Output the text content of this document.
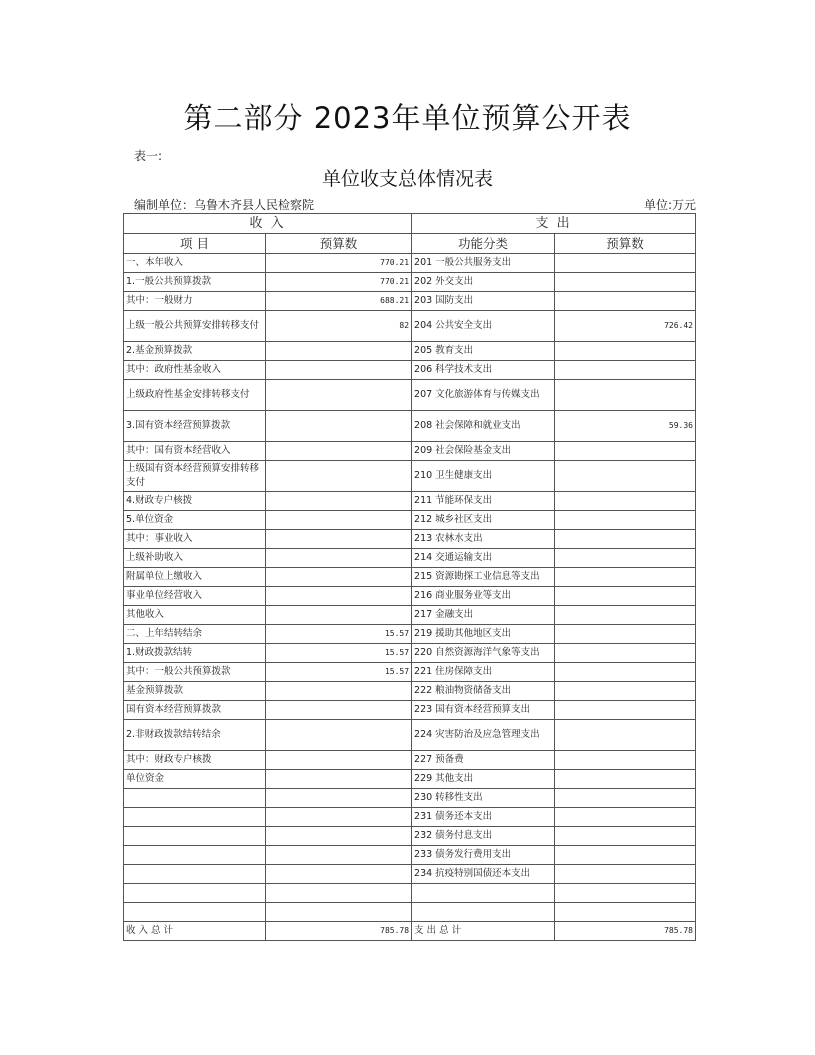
第二部分 2023年单位预算公开表
表一:
单位收支总体情况表
编制单位：乌鲁木齐县人民检察院	单位:万元
收 入		支 出	
项 目	预算数	功能分类	预算数
一、本年收入	770.21	201 一般公共服务支出	
1.一般公共预算拨款	770.21	202 外交支出	
其中：一般财力	688.21	203 国防支出	
上级一般公共预算安排转移支付	82	204 公共安全支出	726.42
2.基金预算拨款		205 教育支出	
其中：政府性基金收入		206 科学技术支出	
上级政府性基金安排转移支付		207 文化旅游体育与传媒支出	
3.国有资本经营预算拨款		208 社会保障和就业支出	59.36
其中：国有资本经营收入		209 社会保险基金支出	
上级国有资本经营预算安排转移支付		210 卫生健康支出	
4.财政专户核拨		211 节能环保支出	
5.单位资金		212 城乡社区支出	
其中：事业收入		213 农林水支出	
上级补助收入		214 交通运输支出	
附属单位上缴收入		215 资源勘探工业信息等支出	
事业单位经营收入		216 商业服务业等支出	
其他收入		217 金融支出	
二、上年结转结余	15.57	219 援助其他地区支出	
1.财政拨款结转	15.57	220 自然资源海洋气象等支出	
其中：一般公共预算拨款	15.57	221 住房保障支出	
基金预算拨款		222 粮油物资储备支出	
国有资本经营预算拨款		223 国有资本经营预算支出	
2.非财政拨款结转结余		224 灾害防治及应急管理支出	
其中：财政专户核拨		227 预备费	
单位资金		229 其他支出	
		230 转移性支出	
		231 债务还本支出	
		232 债务付息支出	
		233 债务发行费用支出	
		234 抗疫特别国债还本支出	

收 入 总 计	785.78	支 出 总 计	785.78
